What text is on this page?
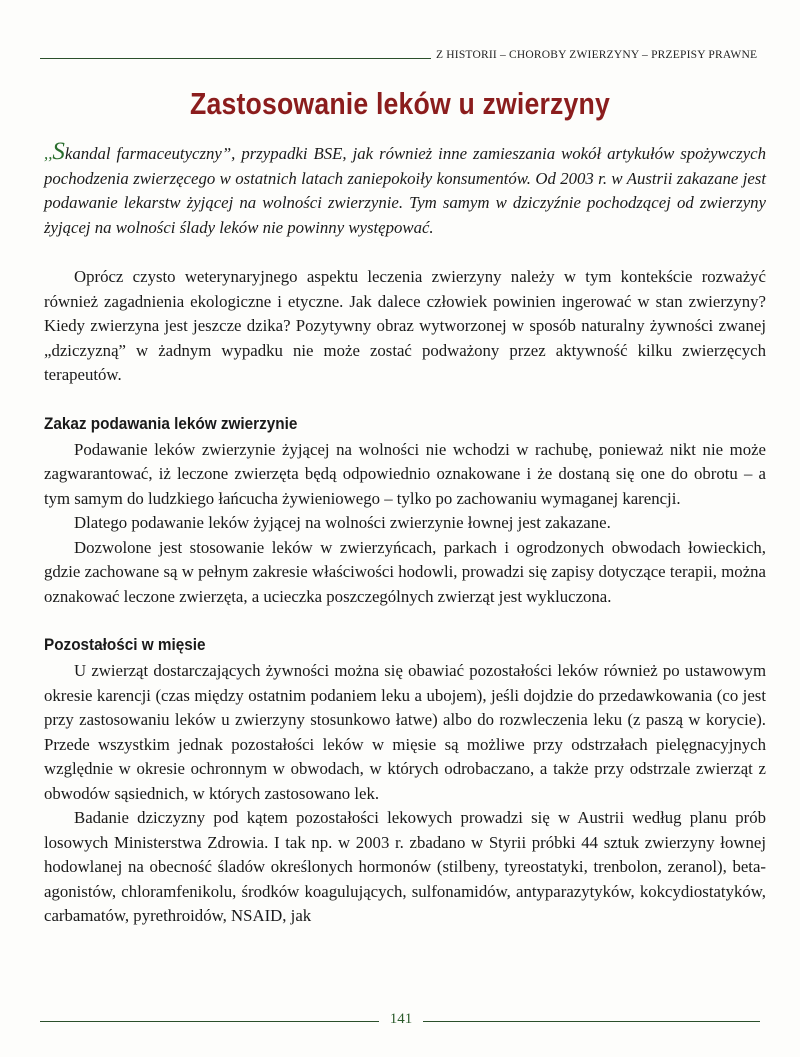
Z HISTORII – CHOROBY ZWIERZYNY – PRZEPISY PRAWNE
Zastosowanie leków u zwierzyny

,,Skandal farmaceutyczny”, przypadki BSE, jak również inne zamieszania wokół artykułów spożywczych pochodzenia zwierzęcego w ostatnich latach zaniepokoiły konsumentów. Od 2003 r. w Austrii zakazane jest podawanie lekarstw żyjącej na wolności zwierzynie. Tym samym w dziczyźnie pochodzącej od zwierzyny żyjącej na wolności ślady leków nie powinny występować.

Oprócz czysto weterynaryjnego aspektu leczenia zwierzyny należy w tym kontekście rozważyć również zagadnienia ekologiczne i etyczne. Jak dalece człowiek powinien ingerować w stan zwierzyny? Kiedy zwierzyna jest jeszcze dzika? Pozytywny obraz wytworzonej w sposób naturalny żywności zwanej „dziczyzną” w żadnym wypadku nie może zostać podważony przez aktywność kilku zwierzęcych terapeutów.

Zakaz podawania leków zwierzynie

Podawanie leków zwierzynie żyjącej na wolności nie wchodzi w rachubę, ponieważ nikt nie może zagwarantować, iż leczone zwierzęta będą odpowiednio oznakowane i że dostaną się one do obrotu – a tym samym do ludzkiego łańcucha żywieniowego – tylko po zachowaniu wymaganej karencji.

Dlatego podawanie leków żyjącej na wolności zwierzynie łownej jest zakazane.

Dozwolone jest stosowanie leków w zwierzyńcach, parkach i ogrodzonych obwodach łowieckich, gdzie zachowane są w pełnym zakresie właściwości hodowli, prowadzi się zapisy dotyczące terapii, można oznakować leczone zwierzęta, a ucieczka poszczególnych zwierząt jest wykluczona.

Pozostałości w mięsie

U zwierząt dostarczających żywności można się obawiać pozostałości leków również po ustawowym okresie karencji (czas między ostatnim podaniem leku a ubojem), jeśli dojdzie do przedawkowania (co jest przy zastosowaniu leków u zwierzyny stosunkowo łatwe) albo do rozwleczenia leku (z paszą w korycie). Przede wszystkim jednak pozostałości leków w mięsie są możliwe przy odstrzałach pielęgnacyjnych względnie w okresie ochronnym w obwodach, w których odrobaczano, a także przy odstrzale zwierząt z obwodów sąsiednich, w których zastosowano lek.

Badanie dziczyzny pod kątem pozostałości lekowych prowadzi się w Austrii według planu prób losowych Ministerstwa Zdrowia. I tak np. w 2003 r. zbadano w Styrii próbki 44 sztuk zwierzyny łownej hodowlanej na obecność śladów określonych hormonów (stilbeny, tyreostatyki, trenbolon, zeranol), beta-agonistów, chloramfenikolu, środków koagulujących, sulfonamidów, antyparazytyków, kokcydiostatyków, carbamatów, pyrethroidów, NSAID, jak

141
